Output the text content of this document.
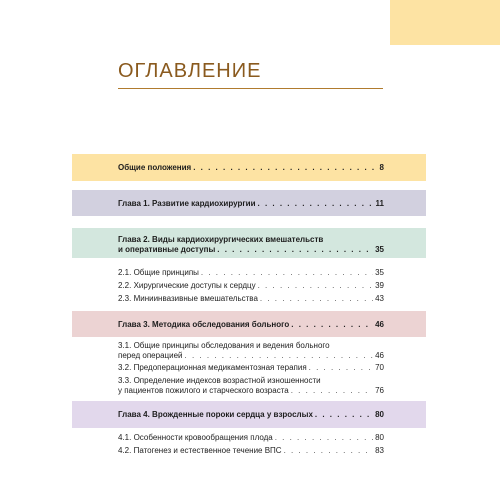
ОГЛАВЛЕНИЕ
Общие положения . . .	8
Глава 1. Развитие кардиохирургии . . .	11
Глава 2. Виды кардиохирургических вмешательств
и оперативные доступы . . .	35
2.1. Общие принципы . . .	35
2.2. Хирургические доступы к сердцу . . .	39
2.3. Миниинвазивные вмешательства . . .	43
Глава 3. Методика обследования больного . . .	46
3.1. Общие принципы обследования и ведения больного
перед операцией . . .	46
3.2. Предоперационная медикаментозная терапия . . .	70
3.3. Определение индексов возрастной изношенности
у пациентов пожилого и старческого возраста . . .	76
Глава 4. Врожденные пороки сердца у взрослых . . .	80
4.1. Особенности кровообращения плода . . .	80
4.2. Патогенез и естественное течение ВПС . . .	83
